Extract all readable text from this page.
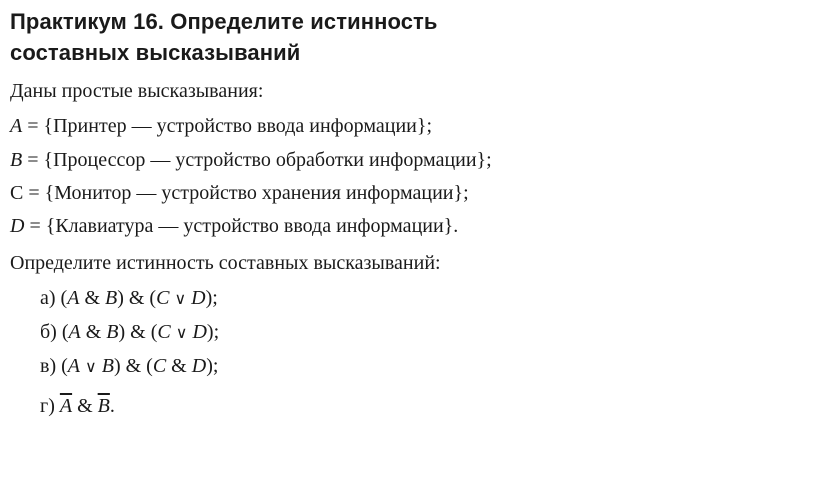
Практикум 16. Определите истинность
составных высказываний
Даны простые высказывания:
A = {Принтер — устройство ввода информации};
B = {Процессор — устройство обработки информации};
C = {Монитор — устройство хранения информации};
D = {Клавиатура — устройство ввода информации}.
Определите истинность составных высказываний:
а) (A & B) & (C ∨ D);
б) (A & B) & (C ∨ D);
в) (A ∨ B) & (C & D);
г) $\overline{A}$ & $\overline{B}$.
